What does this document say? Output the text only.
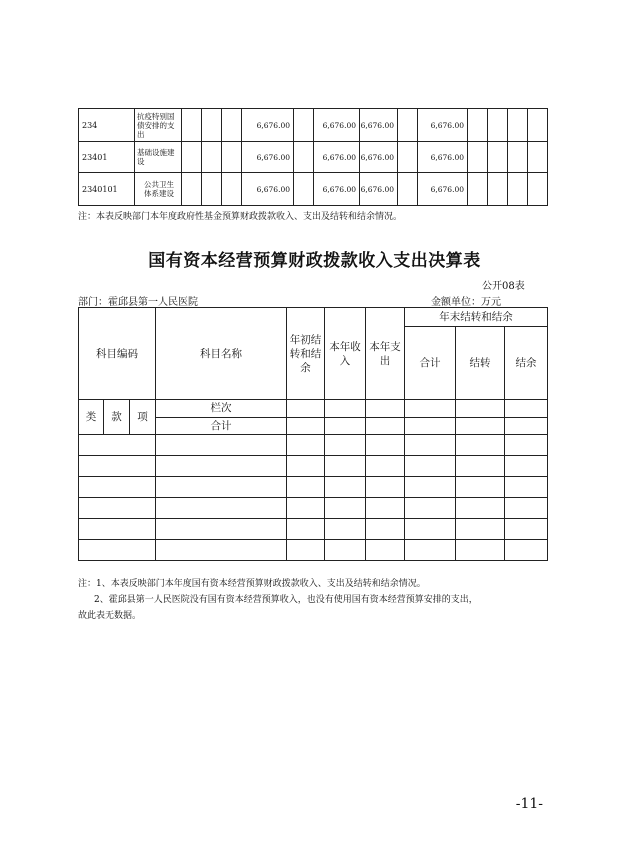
234	抗疫特别国债安排的支出				6,676.00		6,676.00	6,676.00		6,676.00				
23401	基础设施建设				6,676.00		6,676.00	6,676.00		6,676.00				
2340101	公共卫生体系建设				6,676.00		6,676.00	6,676.00		6,676.00				
注：本表反映部门本年度政府性基金预算财政拨款收入、支出及结转和结余情况。
国有资本经营预算财政拨款收入支出决算表
公开08表
部门：霍邱县第一人民医院	金额单位：万元
科目编码			科目名称	年初结转和结余	本年收入	本年支出	年末结转和结余		
							合计	结转	结余

类	款	项	栏次						
			合计						

注：1、本表反映部门本年度国有资本经营预算财政拨款收入、支出及结转和结余情况。
2、霍邱县第一人民医院没有国有资本经营预算收入，也没有使用国有资本经营预算安排的支出，
故此表无数据。
-11-
